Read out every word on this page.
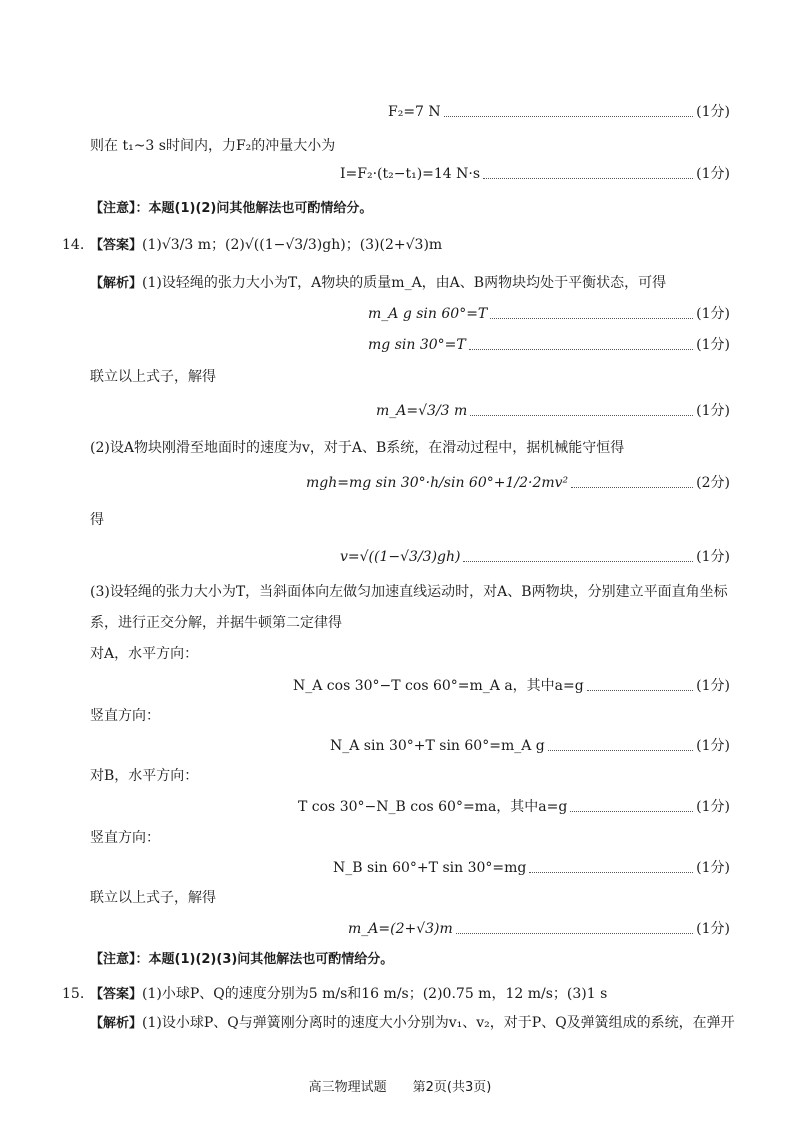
F₂=7 N	(1分)
则在 t₁~3 s时间内，力F₂的冲量大小为
I=F₂·(t₂−t₁)=14 N·s	(1分)
【注意】：本题(1)(2)问其他解法也可酌情给分。
14. 【答案】(1)√3/3 m；(2)√((1−√3/3)gh)；(3)(2+√3)m
【解析】(1)设轻绳的张力大小为T，A物块的质量m_A，由A、B两物块均处于平衡状态，可得
m_A g sin 60°=T	(1分)
mg sin 30°=T	(1分)
联立以上式子，解得
m_A=√3/3 m	(1分)
(2)设A物块刚滑至地面时的速度为v，对于A、B系统，在滑动过程中，据机械能守恒得
mgh=mg sin 30°·h/sin 60°+1/2·2mv²	(2分)
得
v=√((1−√3/3)gh)	(1分)
(3)设轻绳的张力大小为T，当斜面体向左做匀加速直线运动时，对A、B两物块，分别建立平面直角坐标
系，进行正交分解，并据牛顿第二定律得
对A，水平方向：
N_A cos 30°−T cos 60°=m_A a，其中a=g	(1分)
竖直方向：
N_A sin 30°+T sin 60°=m_A g	(1分)
对B，水平方向：
T cos 30°−N_B cos 60°=ma，其中a=g	(1分)
竖直方向：
N_B sin 60°+T sin 30°=mg	(1分)
联立以上式子，解得
m_A=(2+√3)m	(1分)
【注意】：本题(1)(2)(3)问其他解法也可酌情给分。
15. 【答案】(1)小球P、Q的速度分别为5 m/s和16 m/s；(2)0.75 m，12 m/s；(3)1 s
【解析】(1)设小球P、Q与弹簧刚分离时的速度大小分别为v₁、v₂，对于P、Q及弹簧组成的系统，在弹开
高三物理试题　　第2页(共3页)
